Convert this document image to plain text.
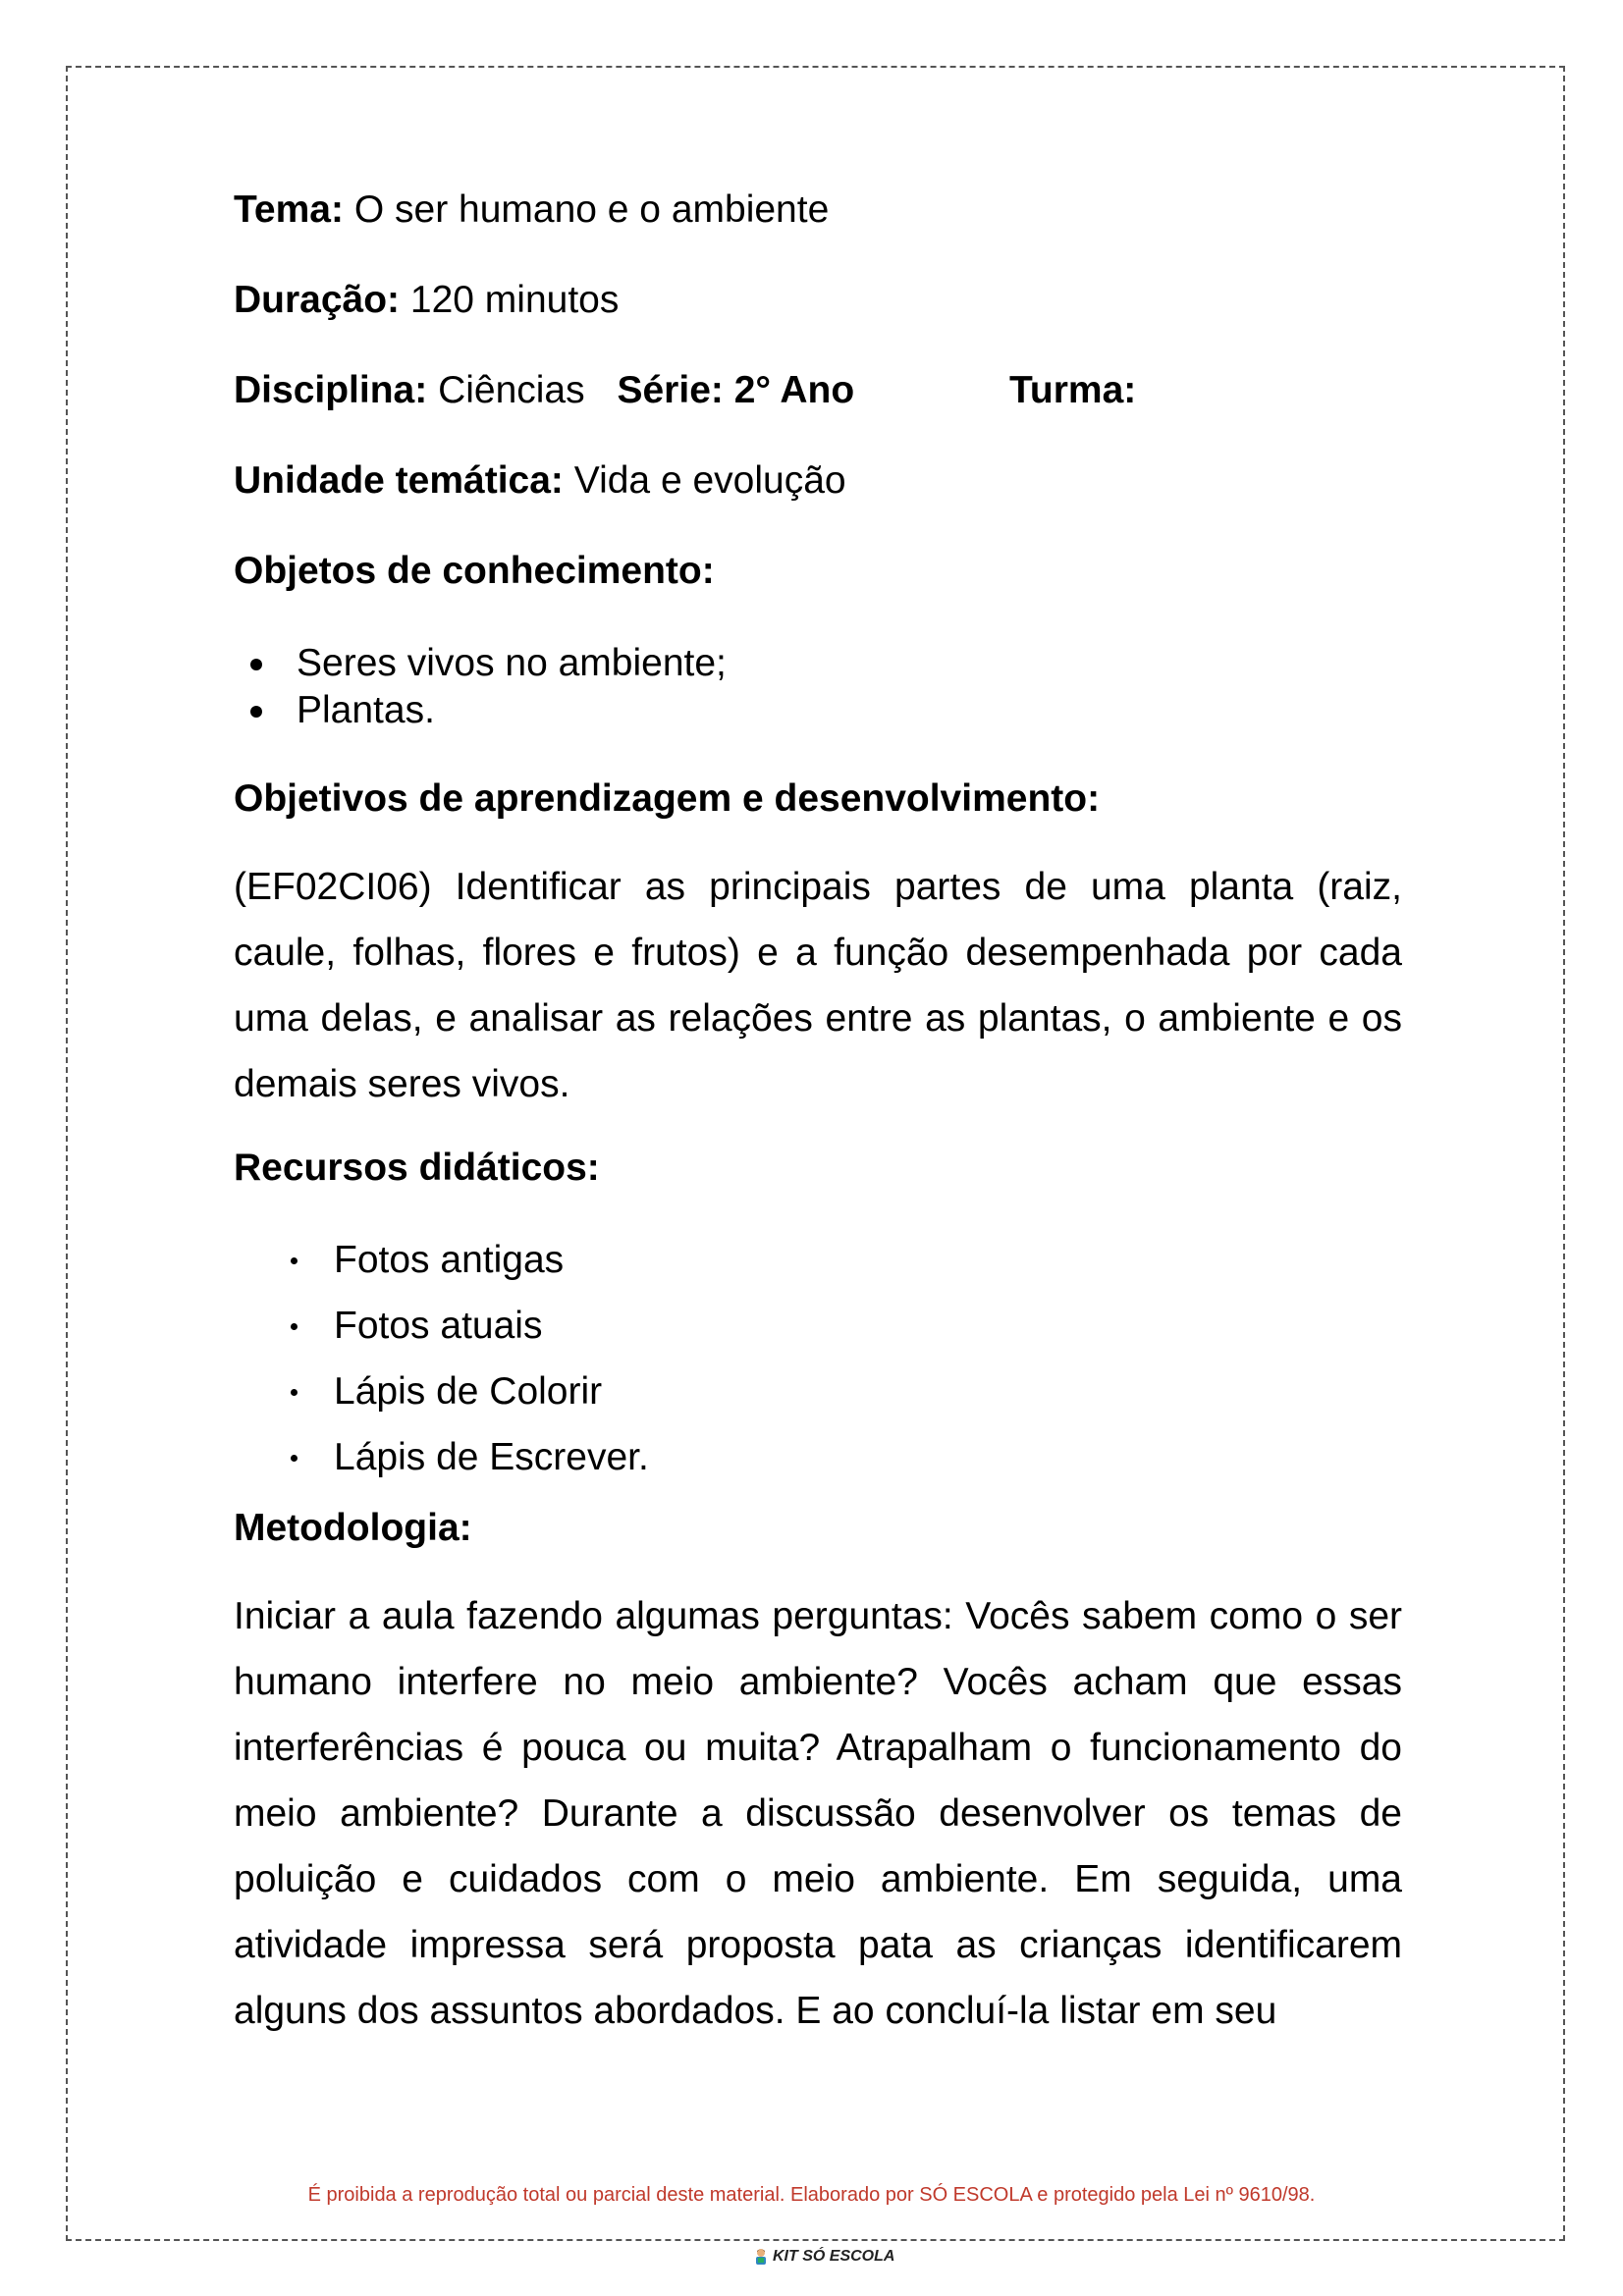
Tema: O ser humano e o ambiente

Duração: 120 minutos

Disciplina: Ciências Série: 2° Ano	Turma:

Unidade temática: Vida e evolução

Objetos de conhecimento:

Seres vivos no ambiente;
Plantas.

Objetivos de aprendizagem e desenvolvimento:

(EF02CI06) Identificar as principais partes de uma planta (raiz, caule, folhas, flores e frutos) e a função desempenhada por cada uma delas, e analisar as relações entre as plantas, o ambiente e os demais seres vivos.

Recursos didáticos:

Fotos antigas
Fotos atuais
Lápis de Colorir
Lápis de Escrever.

Metodologia:

Iniciar a aula fazendo algumas perguntas: Vocês sabem como o ser humano interfere no meio ambiente? Vocês acham que essas interferências é pouca ou muita? Atrapalham o funcionamento do meio ambiente? Durante a discussão desenvolver os temas de poluição e cuidados com o meio ambiente. Em seguida, uma atividade impressa será proposta pata as crianças identificarem alguns dos assuntos abordados. E ao concluí-la listar em seu

É proibida a reprodução total ou parcial deste material. Elaborado por SÓ ESCOLA e protegido pela Lei nº 9610/98.
KIT SÓ ESCOLA
